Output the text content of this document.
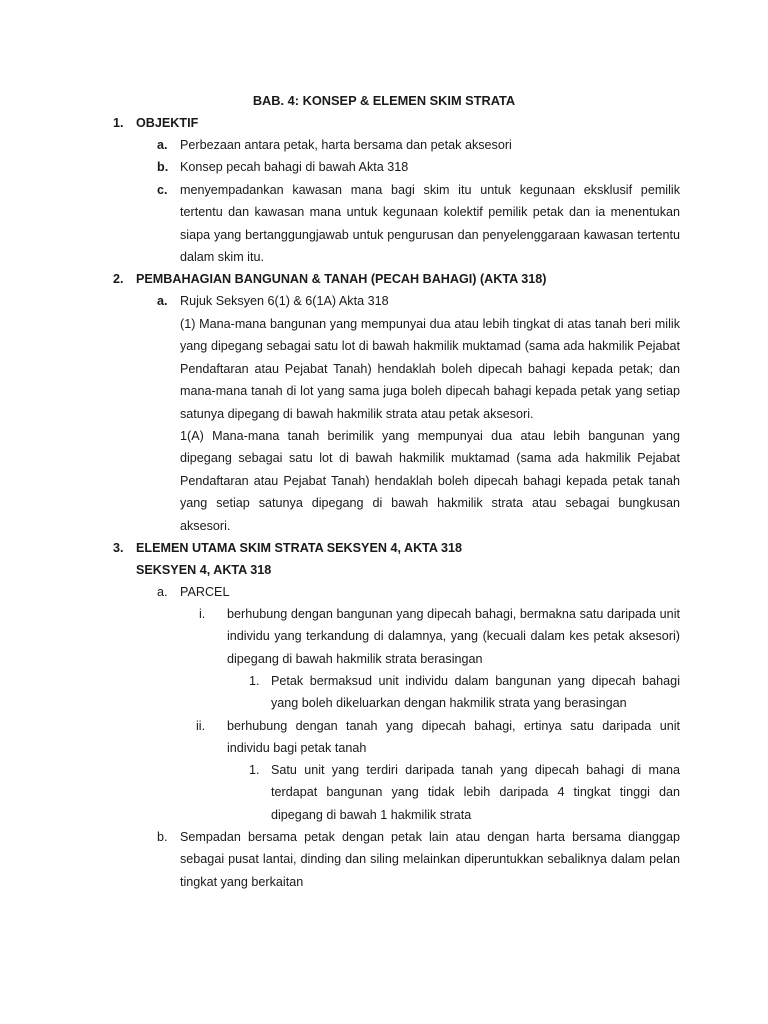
BAB. 4: KONSEP & ELEMEN SKIM STRATA
1. OBJEKTIF
a. Perbezaan antara petak, harta bersama dan petak aksesori
b. Konsep pecah bahagi di bawah Akta 318
c. menyempadankan kawasan mana bagi skim itu untuk kegunaan eksklusif pemilik
tertentu dan kawasan mana untuk kegunaan kolektif pemilik petak dan ia menentukan
siapa yang bertanggungjawab untuk pengurusan dan penyelenggaraan kawasan tertentu
dalam skim itu.
2. PEMBAHAGIAN BANGUNAN & TANAH (PECAH BAHAGI) (AKTA 318)
a. Rujuk Seksyen 6(1) & 6(1A) Akta 318
(1) Mana-mana bangunan yang mempunyai dua atau lebih tingkat di atas tanah beri milik
yang dipegang sebagai satu lot di bawah hakmilik muktamad (sama ada hakmilik Pejabat
Pendaftaran atau Pejabat Tanah) hendaklah boleh dipecah bahagi kepada petak; dan
mana-mana tanah di lot yang sama juga boleh dipecah bahagi kepada petak yang setiap
satunya dipegang di bawah hakmilik strata atau petak aksesori.
1(A) Mana-mana tanah berimilik yang mempunyai dua atau lebih bangunan yang
dipegang sebagai satu lot di bawah hakmilik muktamad (sama ada hakmilik Pejabat
Pendaftaran atau Pejabat Tanah) hendaklah boleh dipecah bahagi kepada petak tanah
yang setiap satunya dipegang di bawah hakmilik strata atau sebagai bungkusan
aksesori.
3. ELEMEN UTAMA SKIM STRATA SEKSYEN 4, AKTA 318
SEKSYEN 4, AKTA 318
a. PARCEL
i.	berhubung dengan bangunan yang dipecah bahagi, bermakna satu daripada unit
individu yang terkandung di dalamnya, yang (kecuali dalam kes petak aksesori)
dipegang di bawah hakmilik strata berasingan
1. Petak bermaksud unit individu dalam bangunan yang dipecah bahagi
yang boleh dikeluarkan dengan hakmilik strata yang berasingan
ii.	berhubung dengan tanah yang dipecah bahagi, ertinya satu daripada unit
individu bagi petak tanah
1. Satu unit yang terdiri daripada tanah yang dipecah bahagi di mana
terdapat bangunan yang tidak lebih daripada 4 tingkat tinggi dan
dipegang di bawah 1 hakmilik strata
b. Sempadan bersama petak dengan petak lain atau dengan harta bersama dianggap
sebagai pusat lantai, dinding dan siling melainkan diperuntukkan sebaliknya dalam pelan
tingkat yang berkaitan
